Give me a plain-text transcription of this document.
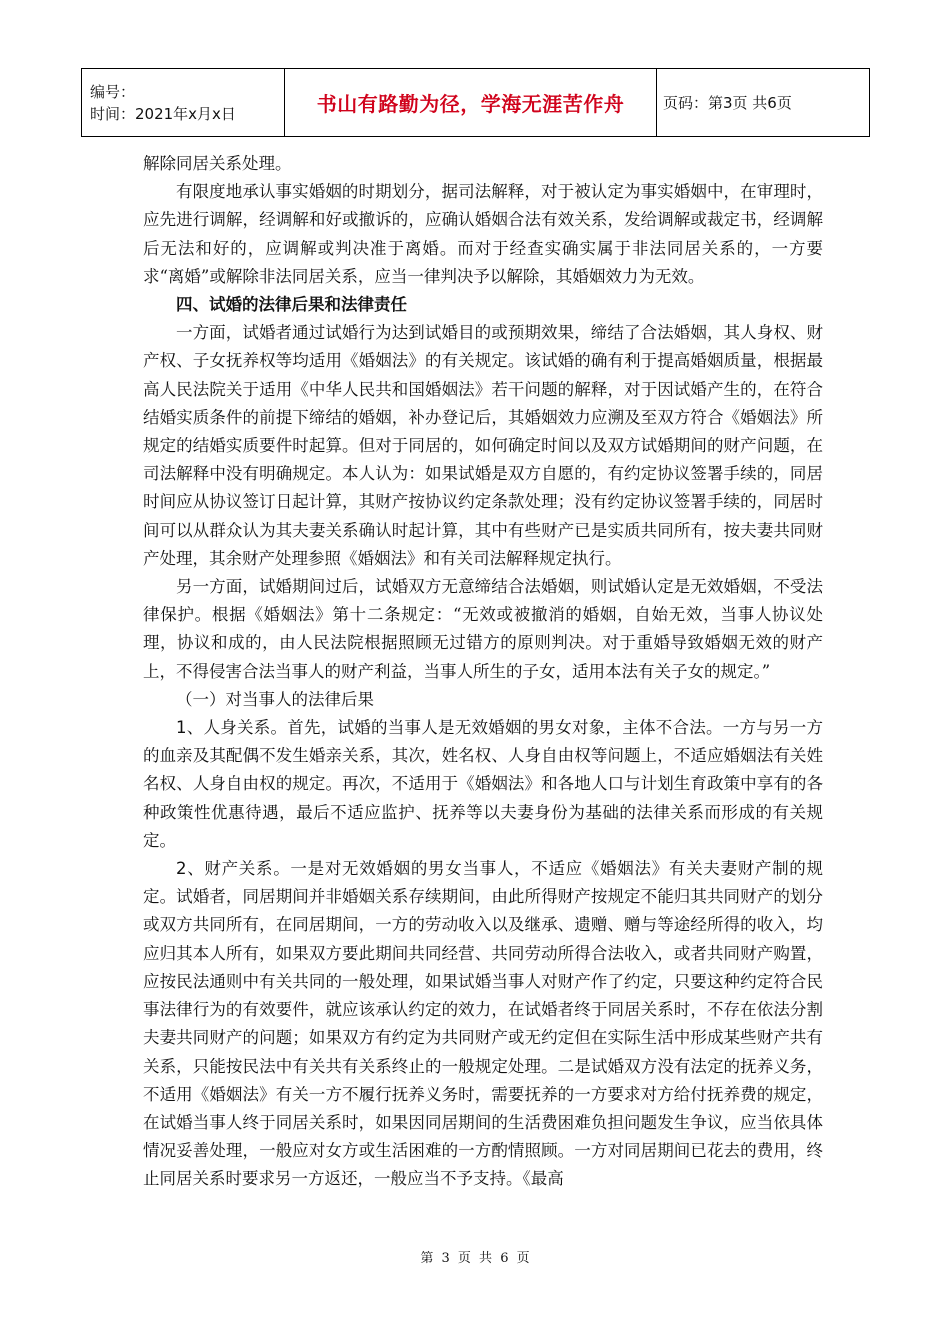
编号：
时间：2021年x月x日	书山有路勤为径，学海无涯苦作舟	页码：第3页 共6页

解除同居关系处理。

有限度地承认事实婚姻的时期划分，据司法解释，对于被认定为事实婚姻中，在审理时，应先进行调解，经调解和好或撤诉的，应确认婚姻合法有效关系，发给调解或裁定书，经调解后无法和好的，应调解或判决准于离婚。而对于经查实确实属于非法同居关系的，一方要求“离婚”或解除非法同居关系，应当一律判决予以解除，其婚姻效力为无效。

四、试婚的法律后果和法律责任

一方面，试婚者通过试婚行为达到试婚目的或预期效果，缔结了合法婚姻，其人身权、财产权、子女抚养权等均适用《婚姻法》的有关规定。该试婚的确有利于提高婚姻质量，根据最高人民法院关于适用《中华人民共和国婚姻法》若干问题的解释，对于因试婚产生的，在符合结婚实质条件的前提下缔结的婚姻，补办登记后，其婚姻效力应溯及至双方符合《婚姻法》所规定的结婚实质要件时起算。但对于同居的，如何确定时间以及双方试婚期间的财产问题，在司法解释中没有明确规定。本人认为：如果试婚是双方自愿的，有约定协议签署手续的，同居时间应从协议签订日起计算，其财产按协议约定条款处理；没有约定协议签署手续的，同居时间可以从群众认为其夫妻关系确认时起计算，其中有些财产已是实质共同所有，按夫妻共同财产处理，其余财产处理参照《婚姻法》和有关司法解释规定执行。

另一方面，试婚期间过后，试婚双方无意缔结合法婚姻，则试婚认定是无效婚姻，不受法律保护。根据《婚姻法》第十二条规定：“无效或被撤消的婚姻，自始无效，当事人协议处理，协议和成的，由人民法院根据照顾无过错方的原则判决。对于重婚导致婚姻无效的财产上，不得侵害合法当事人的财产利益，当事人所生的子女，适用本法有关子女的规定。”

（一）对当事人的法律后果

1、人身关系。首先，试婚的当事人是无效婚姻的男女对象，主体不合法。一方与另一方的血亲及其配偶不发生婚亲关系，其次，姓名权、人身自由权等问题上，不适应婚姻法有关姓名权、人身自由权的规定。再次，不适用于《婚姻法》和各地人口与计划生育政策中享有的各种政策性优惠待遇，最后不适应监护、抚养等以夫妻身份为基础的法律关系而形成的有关规定。

2、财产关系。一是对无效婚姻的男女当事人，不适应《婚姻法》有关夫妻财产制的规定。试婚者，同居期间并非婚姻关系存续期间，由此所得财产按规定不能归其共同财产的划分或双方共同所有，在同居期间，一方的劳动收入以及继承、遗赠、赠与等途经所得的收入，均应归其本人所有，如果双方要此期间共同经营、共同劳动所得合法收入，或者共同财产购置，应按民法通则中有关共同的一般处理，如果试婚当事人对财产作了约定，只要这种约定符合民事法律行为的有效要件，就应该承认约定的效力，在试婚者终于同居关系时，不存在依法分割夫妻共同财产的问题；如果双方有约定为共同财产或无约定但在实际生活中形成某些财产共有关系，只能按民法中有关共有关系终止的一般规定处理。二是试婚双方没有法定的抚养义务，不适用《婚姻法》有关一方不履行抚养义务时，需要抚养的一方要求对方给付抚养费的规定，在试婚当事人终于同居关系时，如果因同居期间的生活费困难负担问题发生争议，应当依具体情况妥善处理，一般应对女方或生活困难的一方酌情照顾。一方对同居期间已花去的费用，终止同居关系时要求另一方返还，一般应当不予支持。《最高

第 3 页 共 6 页
